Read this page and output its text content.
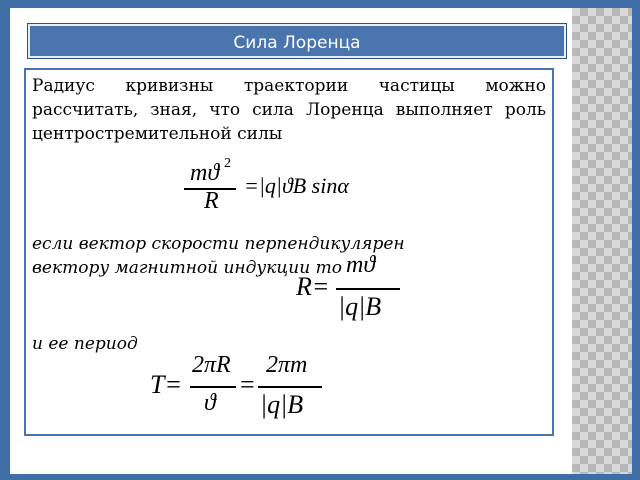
Сила Лоренца
Радиус кривизны траектории частицы можно рассчитать, зная, что сила Лоренца выполняет роль центростремительной силы
mϑ 2
R
=|q|ϑB sinα
если вектор скорости перпендикулярен
вектору магнитной индукции то
R=
mϑ
|q|B
и ее период
T=
2πR
ϑ
=
2πm
|q|B
